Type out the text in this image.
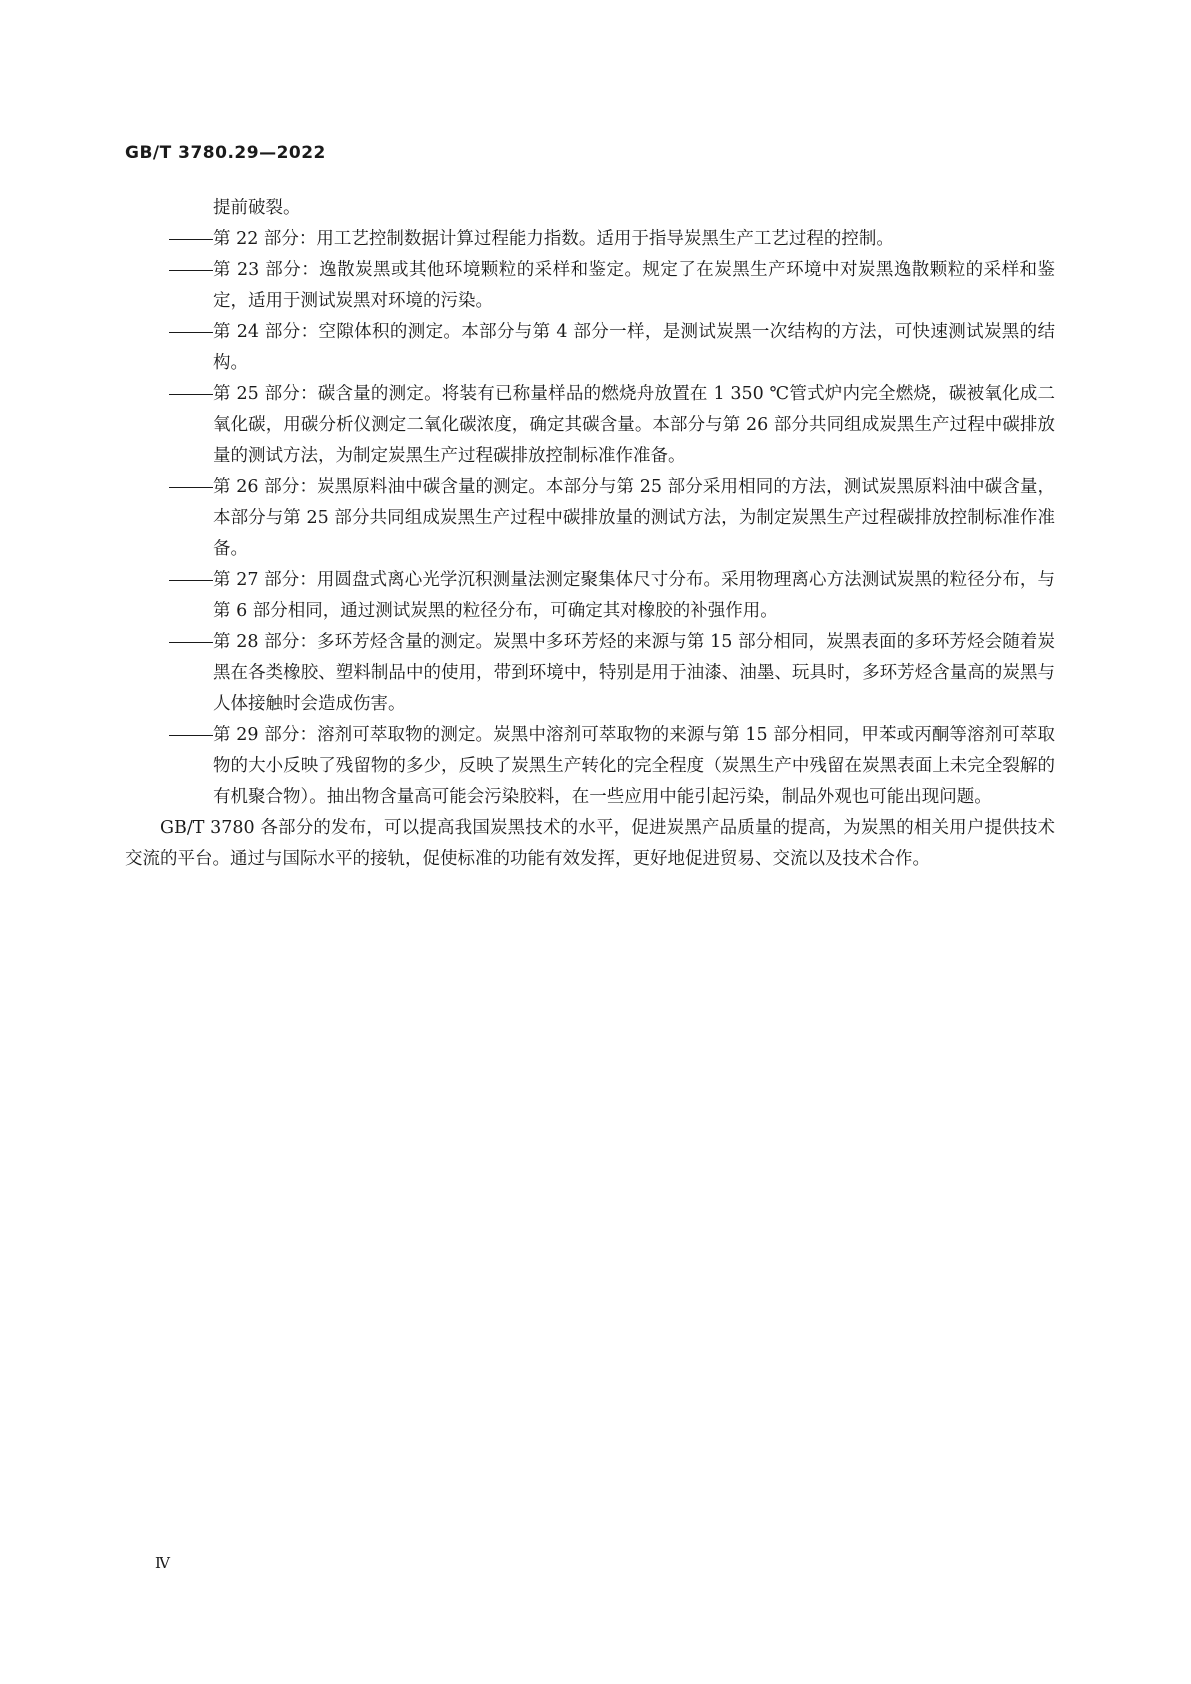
GB/T 3780.29—2022
提前破裂。
第 22 部分：用工艺控制数据计算过程能力指数。适用于指导炭黑生产工艺过程的控制。
第 23 部分：逸散炭黑或其他环境颗粒的采样和鉴定。规定了在炭黑生产环境中对炭黑逸散颗粒的采样和鉴定，适用于测试炭黑对环境的污染。
第 24 部分：空隙体积的测定。本部分与第 4 部分一样，是测试炭黑一次结构的方法，可快速测试炭黑的结构。
第 25 部分：碳含量的测定。将装有已称量样品的燃烧舟放置在 1 350 ℃管式炉内完全燃烧，碳被氧化成二氧化碳，用碳分析仪测定二氧化碳浓度，确定其碳含量。本部分与第 26 部分共同组成炭黑生产过程中碳排放量的测试方法，为制定炭黑生产过程碳排放控制标准作准备。
第 26 部分：炭黑原料油中碳含量的测定。本部分与第 25 部分采用相同的方法，测试炭黑原料油中碳含量，本部分与第 25 部分共同组成炭黑生产过程中碳排放量的测试方法，为制定炭黑生产过程碳排放控制标准作准备。
第 27 部分：用圆盘式离心光学沉积测量法测定聚集体尺寸分布。采用物理离心方法测试炭黑的粒径分布，与第 6 部分相同，通过测试炭黑的粒径分布，可确定其对橡胶的补强作用。
第 28 部分：多环芳烃含量的测定。炭黑中多环芳烃的来源与第 15 部分相同，炭黑表面的多环芳烃会随着炭黑在各类橡胶、塑料制品中的使用，带到环境中，特别是用于油漆、油墨、玩具时，多环芳烃含量高的炭黑与人体接触时会造成伤害。
第 29 部分：溶剂可萃取物的测定。炭黑中溶剂可萃取物的来源与第 15 部分相同，甲苯或丙酮等溶剂可萃取物的大小反映了残留物的多少，反映了炭黑生产转化的完全程度（炭黑生产中残留在炭黑表面上未完全裂解的有机聚合物）。抽出物含量高可能会污染胶料，在一些应用中能引起污染，制品外观也可能出现问题。
GB/T 3780 各部分的发布，可以提高我国炭黑技术的水平，促进炭黑产品质量的提高，为炭黑的相关用户提供技术交流的平台。通过与国际水平的接轨，促使标准的功能有效发挥，更好地促进贸易、交流以及技术合作。
Ⅳ
